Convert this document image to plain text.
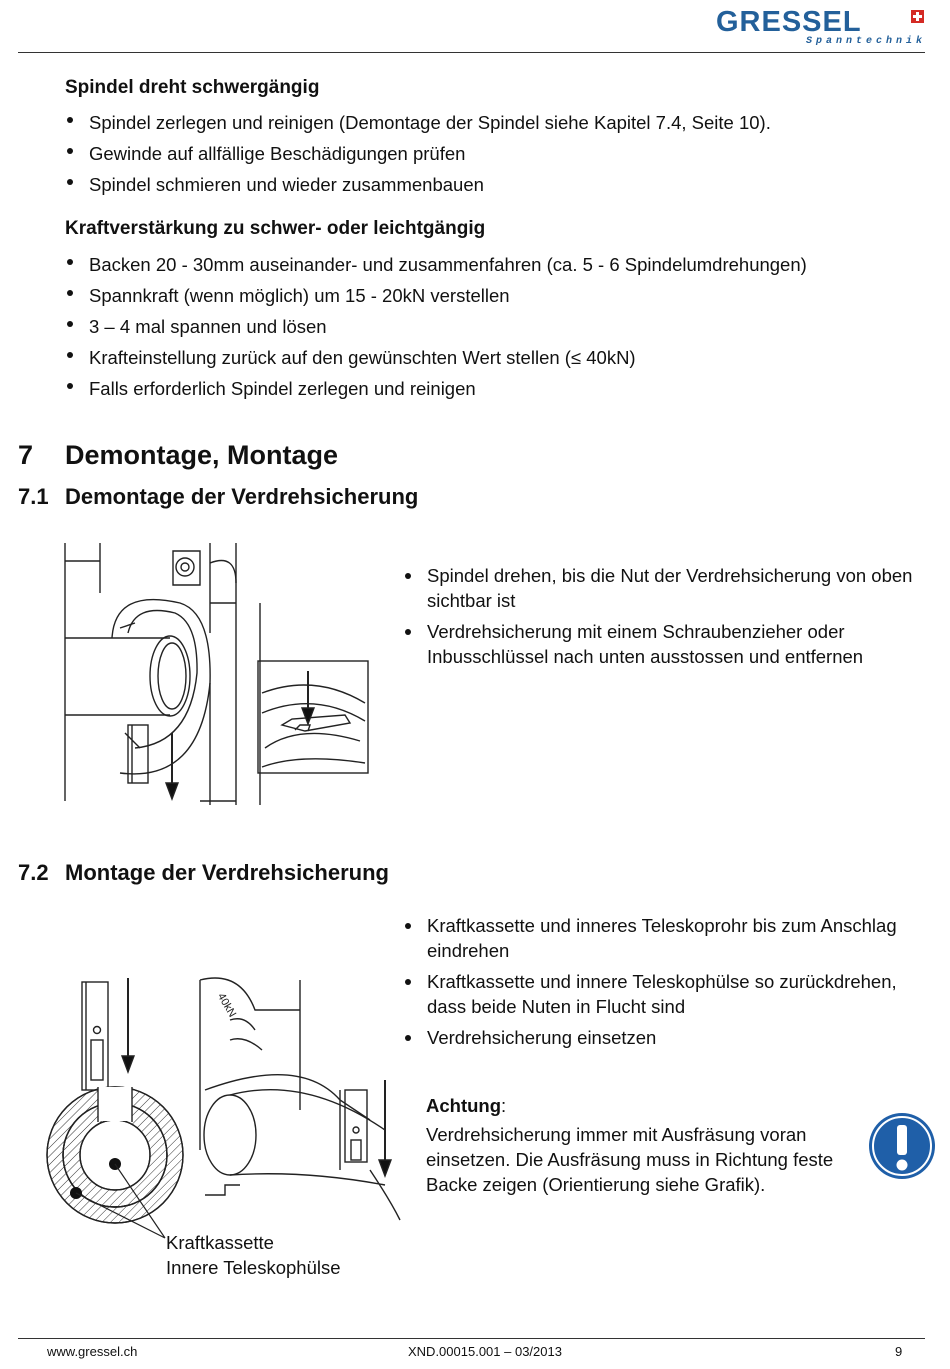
GRESSEL
Spanntechnik
Spindel dreht schwergängig
Spindel zerlegen und reinigen (Demontage der Spindel siehe Kapitel 7.4, Seite 10).
Gewinde auf allfällige Beschädigungen prüfen
Spindel schmieren und wieder zusammenbauen
Kraftverstärkung zu schwer- oder leichtgängig
Backen 20 - 30mm auseinander- und zusammenfahren (ca. 5 - 6 Spindelumdrehungen)
Spannkraft (wenn möglich) um 15 - 20kN verstellen
3 – 4 mal spannen und lösen
Krafteinstellung zurück auf den gewünschten Wert stellen (≤ 40kN)
Falls erforderlich Spindel zerlegen und reinigen
7 Demontage, Montage
7.1 Demontage der Verdrehsicherung
Spindel drehen, bis die Nut der Verdrehsicherung von oben sichtbar ist
Verdrehsicherung mit einem Schraubenzieher oder Inbusschlüssel nach unten ausstossen und entfernen
7.2 Montage der Verdrehsicherung
Kraftkassette und inneres Teleskoprohr bis zum Anschlag eindrehen
Kraftkassette und innere Teleskophülse so zurückdrehen, dass beide Nuten in Flucht sind
Verdrehsicherung einsetzen
Achtung:
Verdrehsicherung immer mit Ausfräsung voran einsetzen. Die Ausfräsung muss in Richtung feste Backe zeigen (Orientierung siehe Grafik).
40kN
Kraftkassette
Innere Teleskophülse
www.gressel.ch	XND.00015.001 – 03/2013	9
